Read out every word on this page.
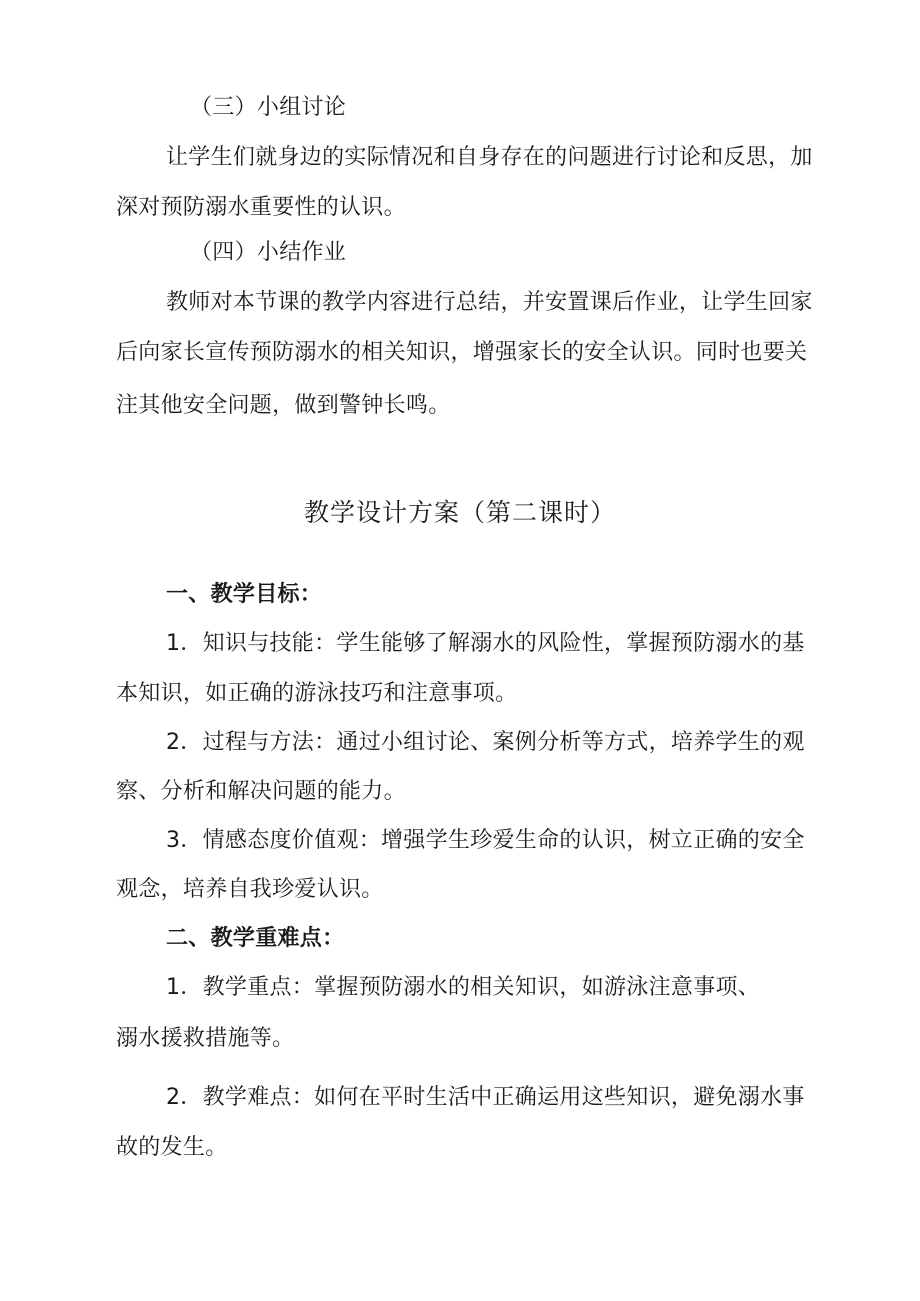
（三）小组讨论
让学生们就身边的实际情况和自身存在的问题进行讨论和反思，加
深对预防溺水重要性的认识。
（四）小结作业
教师对本节课的教学内容进行总结，并安置课后作业，让学生回家
后向家长宣传预防溺水的相关知识，增强家长的安全认识。同时也要关
注其他安全问题，做到警钟长鸣。
教学设计方案（第二课时）
一、教学目标：
1．知识与技能：学生能够了解溺水的风险性，掌握预防溺水的基
本知识，如正确的游泳技巧和注意事项。
2．过程与方法：通过小组讨论、案例分析等方式，培养学生的观
察、分析和解决问题的能力。
3．情感态度价值观：增强学生珍爱生命的认识，树立正确的安全
观念，培养自我珍爱认识。
二、教学重难点：
1．教学重点：掌握预防溺水的相关知识，如游泳注意事项、
溺水援救措施等。
2．教学难点：如何在平时生活中正确运用这些知识，避免溺水事
故的发生。
